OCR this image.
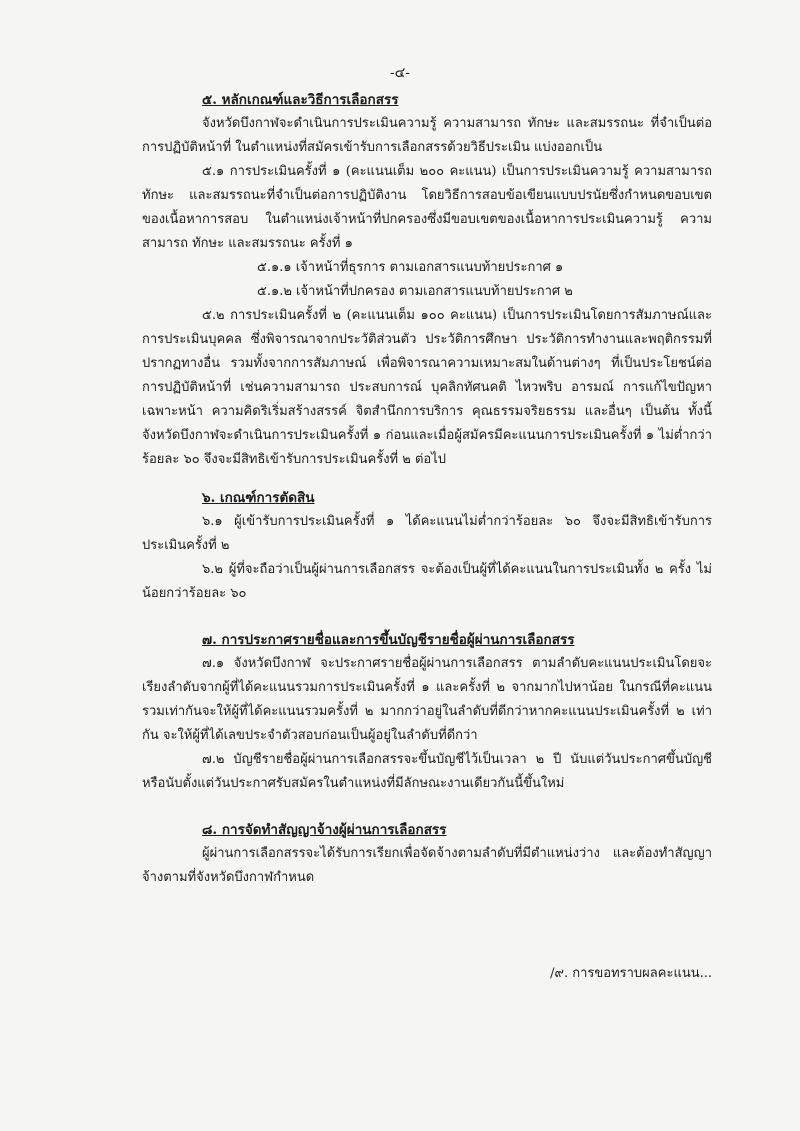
-๔-

๕. หลักเกณฑ์และวิธีการเลือกสรร

จังหวัดบึงกาฬจะดำเนินการประเมินความรู้ ความสามารถ ทักษะ และสมรรถนะ ที่จำเป็นต่อการปฏิบัติหน้าที่ ในตำแหน่งที่สมัครเข้ารับการเลือกสรรด้วยวิธีประเมิน แบ่งออกเป็น

๕.๑ การประเมินครั้งที่ ๑ (คะแนนเต็ม ๒๐๐ คะแนน) เป็นการประเมินความรู้ ความสามารถ ทักษะ และสมรรถนะที่จำเป็นต่อการปฏิบัติงาน โดยวิธีการสอบข้อเขียนแบบปรนัยซึ่งกำหนดขอบเขตของเนื้อหาการสอบ ในตำแหน่งเจ้าหน้าที่ปกครองซึ่งมีขอบเขตของเนื้อหาการประเมินความรู้ ความสามารถ ทักษะ และสมรรถนะ ครั้งที่ ๑

๕.๑.๑ เจ้าหน้าที่ธุรการ ตามเอกสารแนบท้ายประกาศ ๑

๕.๑.๒ เจ้าหน้าที่ปกครอง ตามเอกสารแนบท้ายประกาศ ๒

๕.๒ การประเมินครั้งที่ ๒ (คะแนนเต็ม ๑๐๐ คะแนน) เป็นการประเมินโดยการสัมภาษณ์และการประเมินบุคคล ซึ่งพิจารณาจากประวัติส่วนตัว ประวัติการศึกษา ประวัติการทำงานและพฤติกรรมที่ปรากฏทางอื่น รวมทั้งจากการสัมภาษณ์ เพื่อพิจารณาความเหมาะสมในด้านต่างๆ ที่เป็นประโยชน์ต่อการปฏิบัติหน้าที่ เช่นความสามารถ ประสบการณ์ บุคลิกทัศนคติ ไหวพริบ อารมณ์ การแก้ไขปัญหาเฉพาะหน้า ความคิดริเริ่มสร้างสรรค์ จิตสำนึกการบริการ คุณธรรมจริยธรรม และอื่นๆ เป็นต้น ทั้งนี้ จังหวัดบึงกาฬจะดำเนินการประเมินครั้งที่ ๑ ก่อนและเมื่อผู้สมัครมีคะแนนการประเมินครั้งที่ ๑ ไม่ต่ำกว่าร้อยละ ๖๐ จึงจะมีสิทธิเข้ารับการประเมินครั้งที่ ๒ ต่อไป

๖. เกณฑ์การตัดสิน

๖.๑ ผู้เข้ารับการประเมินครั้งที่ ๑ ได้คะแนนไม่ต่ำกว่าร้อยละ ๖๐ จึงจะมีสิทธิเข้ารับการประเมินครั้งที่ ๒

๖.๒ ผู้ที่จะถือว่าเป็นผู้ผ่านการเลือกสรร จะต้องเป็นผู้ที่ได้คะแนนในการประเมินทั้ง ๒ ครั้ง ไม่น้อยกว่าร้อยละ ๖๐

๗. การประกาศรายชื่อและการขึ้นบัญชีรายชื่อผู้ผ่านการเลือกสรร

๗.๑ จังหวัดบึงกาฬ จะประกาศรายชื่อผู้ผ่านการเลือกสรร ตามลำดับคะแนนประเมินโดยจะเรียงลำดับจากผู้ที่ได้คะแนนรวมการประเมินครั้งที่ ๑ และครั้งที่ ๒ จากมากไปหาน้อย ในกรณีที่คะแนนรวมเท่ากันจะให้ผู้ที่ได้คะแนนรวมครั้งที่ ๒ มากกว่าอยู่ในลำดับที่ดีกว่าหากคะแนนประเมินครั้งที่ ๒ เท่ากัน จะให้ผู้ที่ได้เลขประจำตัวสอบก่อนเป็นผู้อยู่ในลำดับที่ดีกว่า

๗.๒ บัญชีรายชื่อผู้ผ่านการเลือกสรรจะขึ้นบัญชีไว้เป็นเวลา ๒ ปี นับแต่วันประกาศขึ้นบัญชี หรือนับตั้งแต่วันประกาศรับสมัครในตำแหน่งที่มีลักษณะงานเดียวกันนี้ขึ้นใหม่

๘. การจัดทำสัญญาจ้างผู้ผ่านการเลือกสรร

ผู้ผ่านการเลือกสรรจะได้รับการเรียกเพื่อจัดจ้างตามลำดับที่มีตำแหน่งว่าง และต้องทำสัญญาจ้างตามที่จังหวัดบึงกาฬกำหนด

/๙. การขอทราบผลคะแนน...
